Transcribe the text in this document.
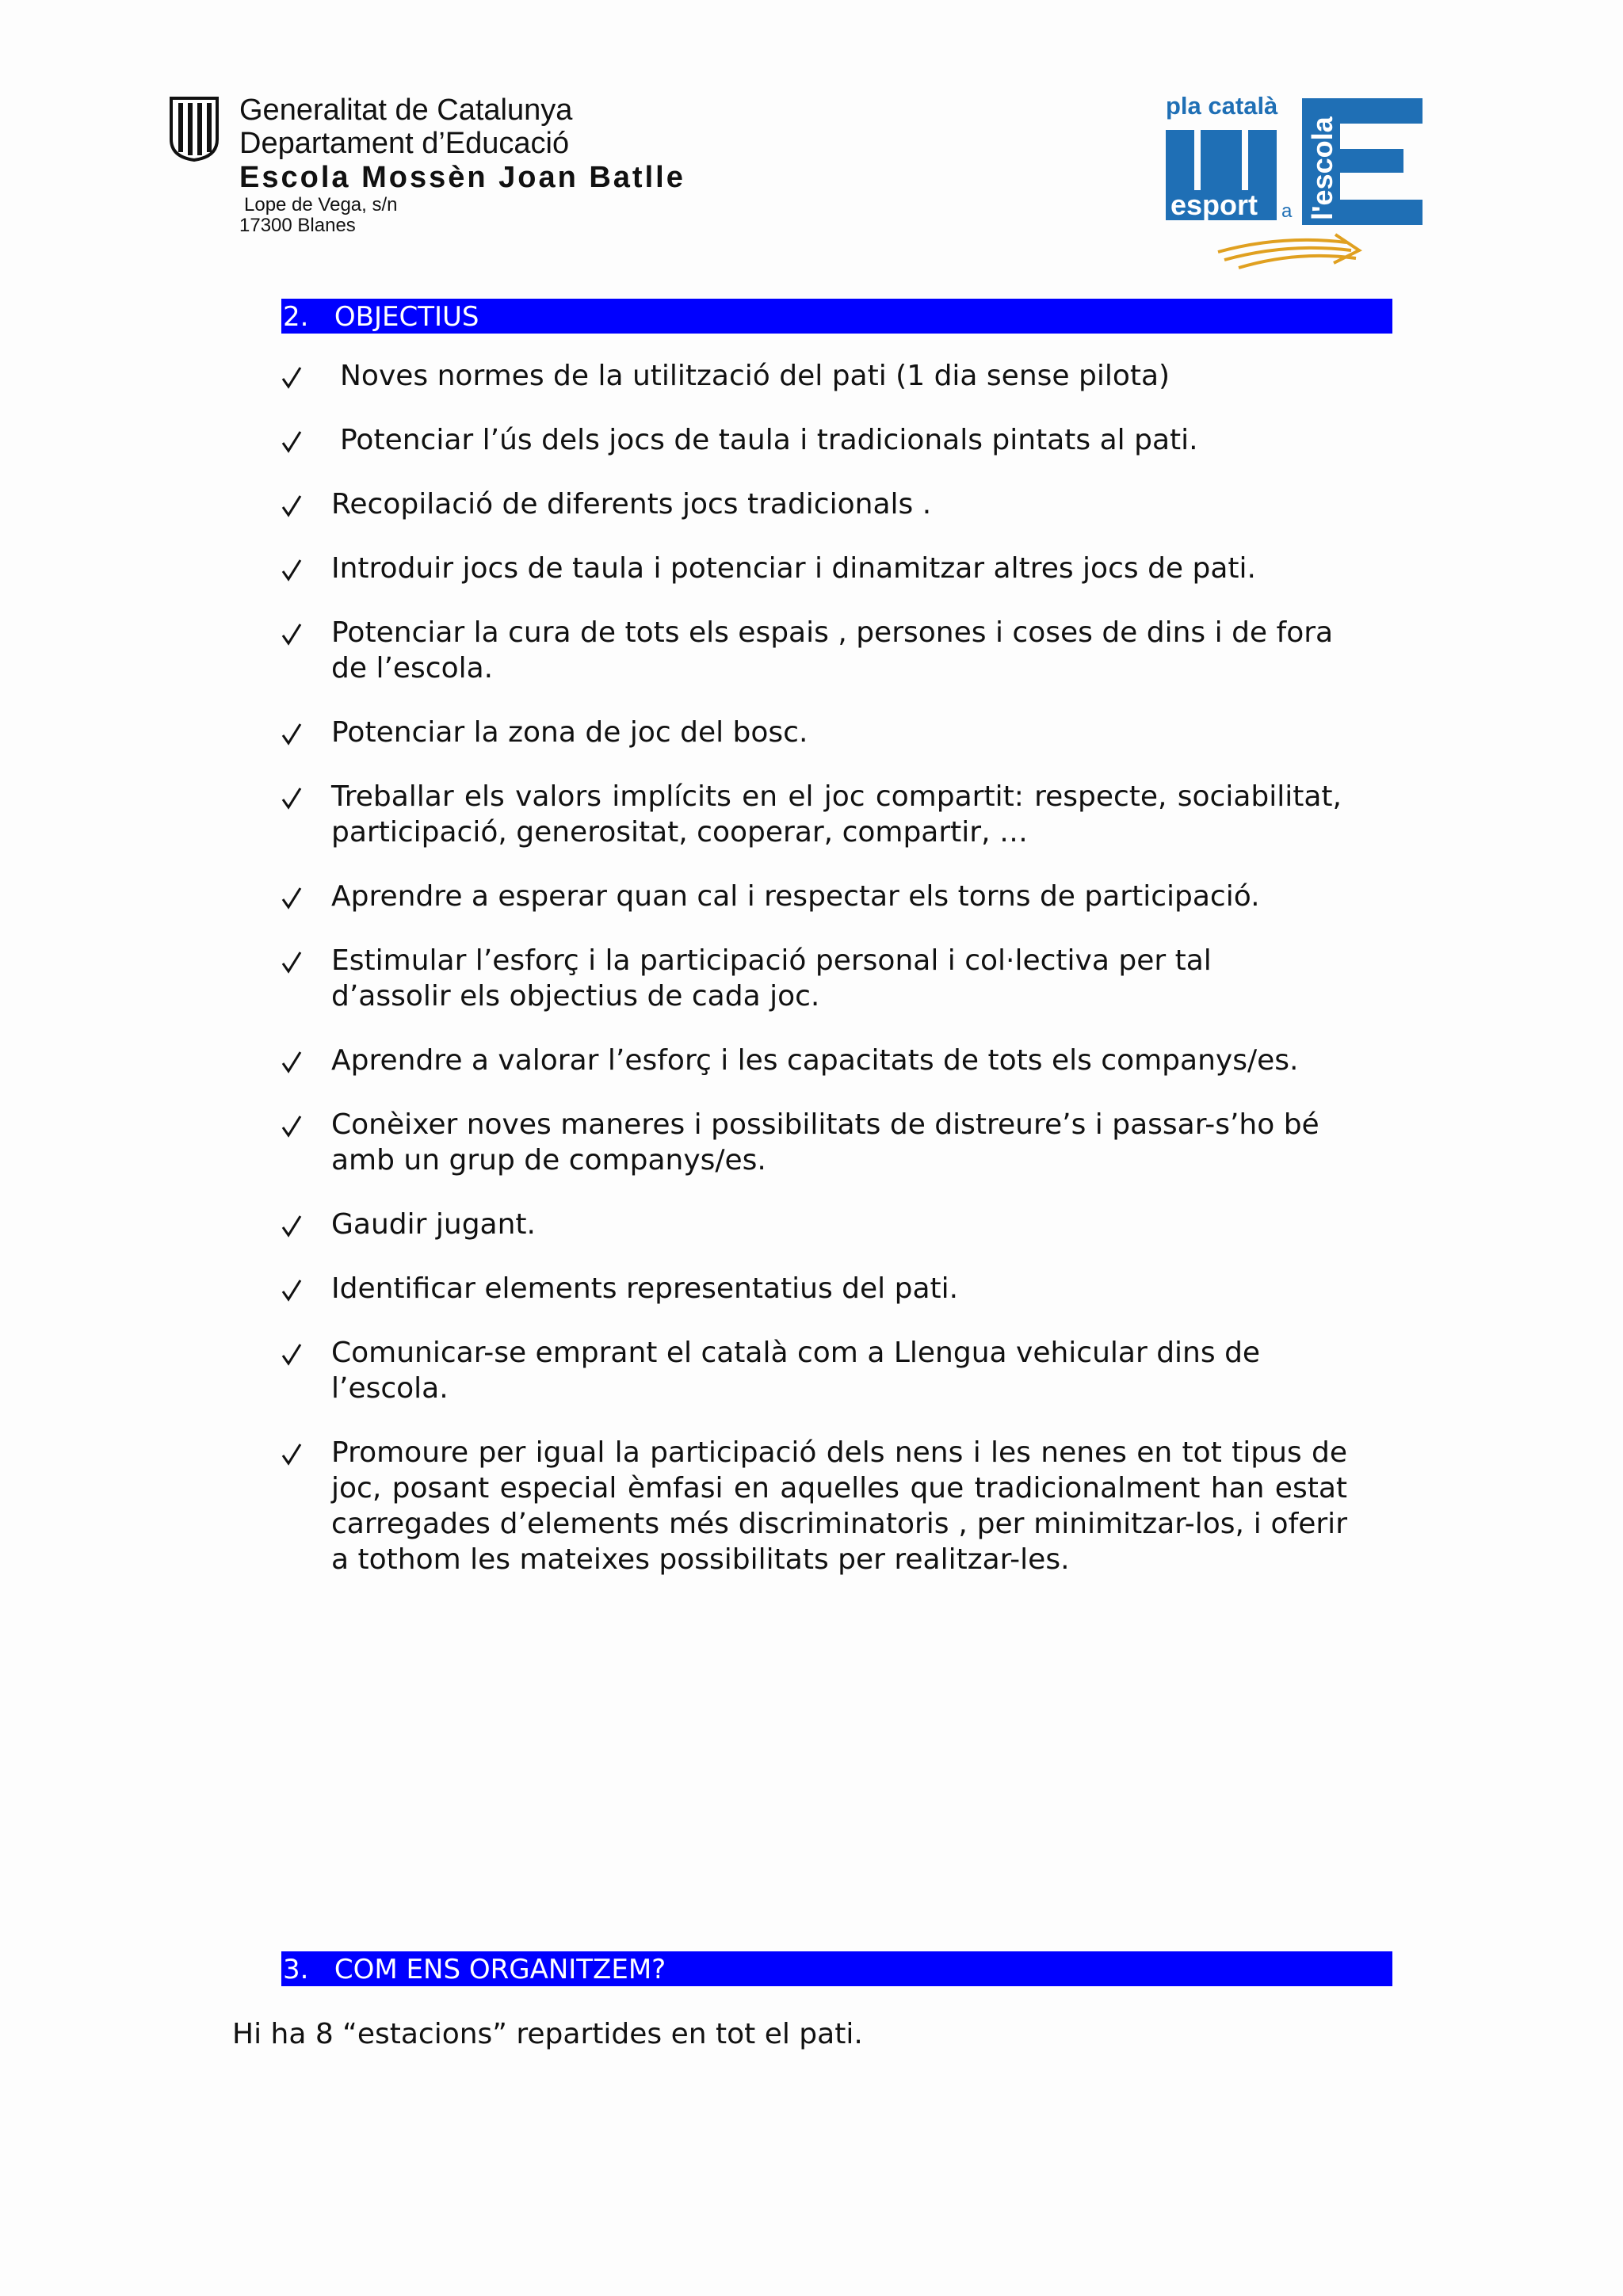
Generalitat de Catalunya
Departament d’Educació
Escola Mossèn Joan Batlle
Lope de Vega, s/n
17300 Blanes
pla català
esport a l'escola
2. OBJECTIUS
Noves normes de la utilització del pati (1 dia sense pilota)
Potenciar l’ús dels jocs de taula i tradicionals pintats al pati.
Recopilació de diferents jocs tradicionals .
Introduir jocs de taula i potenciar i dinamitzar altres jocs de pati.
Potenciar la cura de tots els espais , persones i coses de dins i de fora de l’escola.
Potenciar la zona de joc del bosc.
Treballar els valors implícits en el joc compartit: respecte, sociabilitat, participació, generositat, cooperar, compartir, …
Aprendre a esperar quan cal i respectar els torns de participació.
Estimular l’esforç i la participació personal i col·lectiva per tal d’assolir els objectius de cada joc.
Aprendre a valorar l’esforç i les capacitats de tots els companys/es.
Conèixer noves maneres i possibilitats de distreure’s i passar-s’ho bé amb un grup de companys/es.
Gaudir jugant.
Identificar elements representatius del pati.
Comunicar-se emprant el català com a Llengua vehicular dins de l’escola.
Promoure per igual la participació dels nens i les nenes en tot tipus de joc, posant especial èmfasi en aquelles que tradicionalment han estat carregades d’elements més discriminatoris , per minimitzar-los, i oferir a tothom les mateixes possibilitats per realitzar-les.
3. COM ENS ORGANITZEM?
Hi ha 8 “estacions” repartides en tot el pati.
